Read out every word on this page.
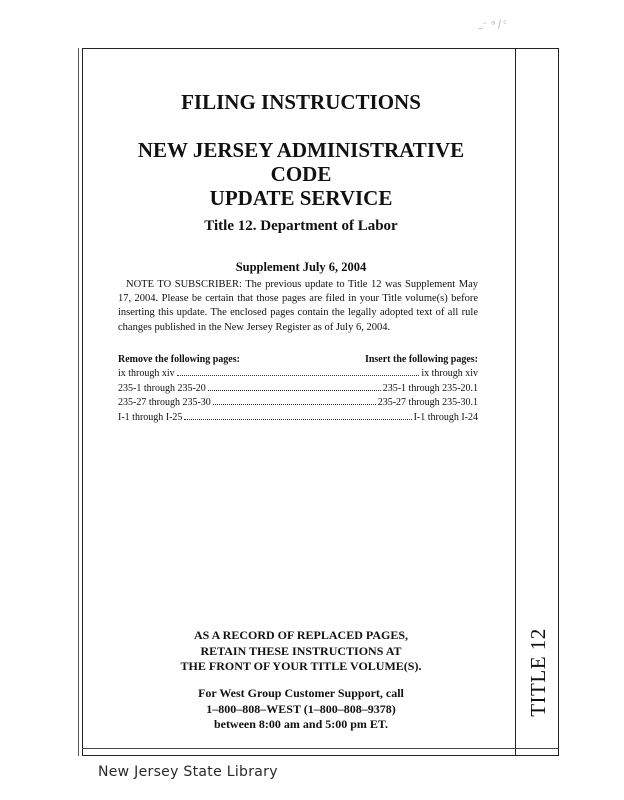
ߺ⁻ ᵃ/ᶜ
TITLE 12
FILING INSTRUCTIONS
NEW JERSEY ADMINISTRATIVE CODE
UPDATE SERVICE
Title 12. Department of Labor
Supplement July 6, 2004
NOTE TO SUBSCRIBER: The previous update to Title 12 was Supplement May 17, 2004. Please be certain that those pages are filed in your Title volume(s) before inserting this update. The enclosed pages contain the legally adopted text of all rule changes published in the New Jersey Register as of July 6, 2004.
Remove the following pages:	Insert the following pages:
ix through xiv	ix through xiv
235-1 through 235-20	235-1 through 235-20.1
235-27 through 235-30	235-27 through 235-30.1
I-1 through I-25	I-1 through I-24
AS A RECORD OF REPLACED PAGES,
RETAIN THESE INSTRUCTIONS AT
THE FRONT OF YOUR TITLE VOLUME(S).
For West Group Customer Support, call
1–800–808–WEST (1–800–808–9378)
between 8:00 am and 5:00 pm ET.
New Jersey State Library
